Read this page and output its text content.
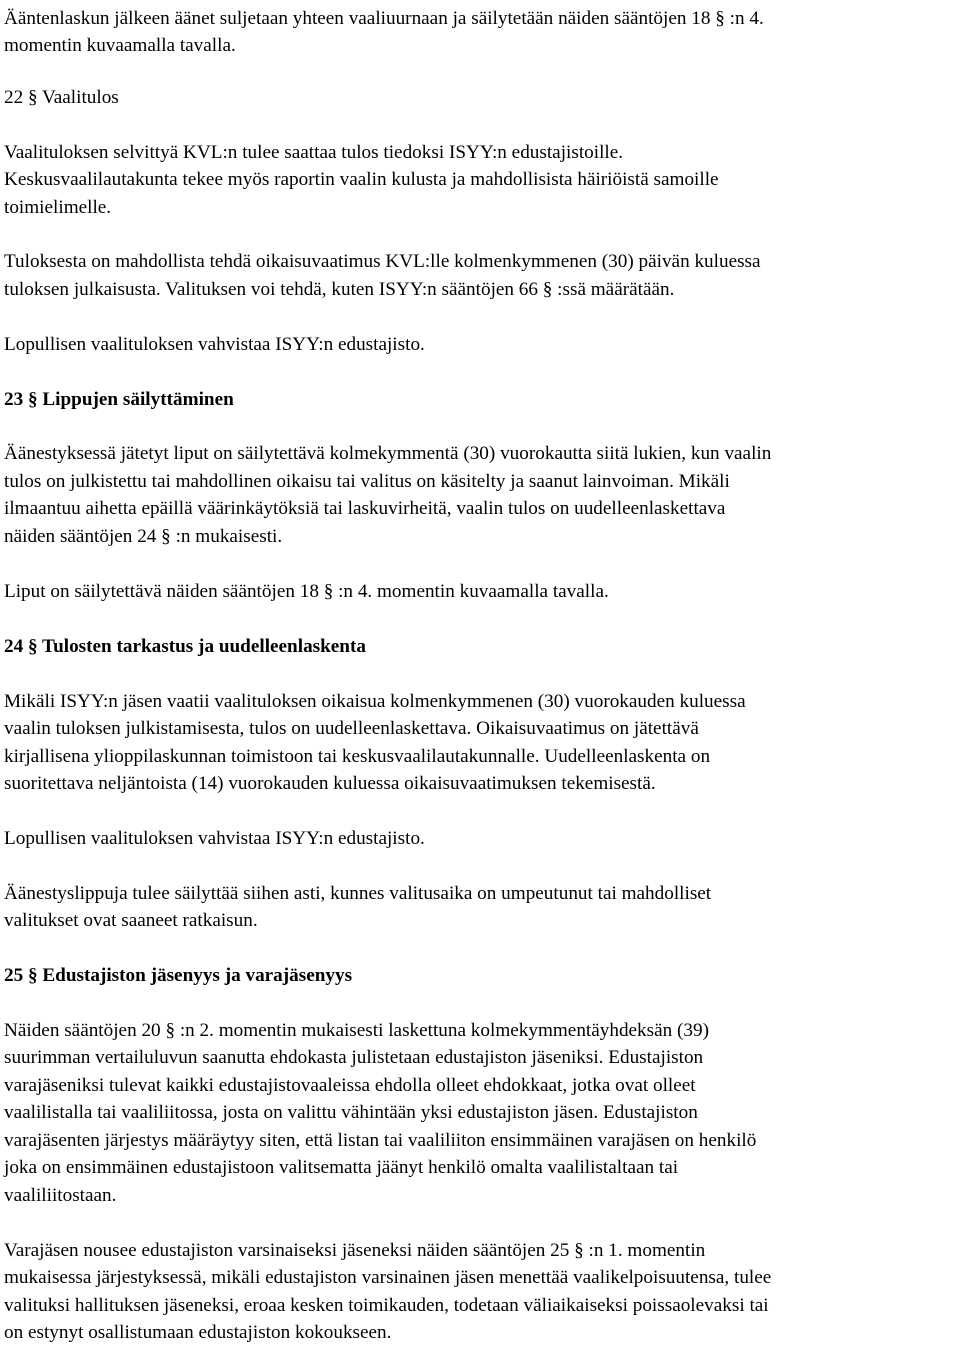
Ääntenlaskun jälkeen äänet suljetaan yhteen vaaliuurnaan ja säilytetään näiden sääntöjen 18 § :n 4.
momentin kuvaamalla tavalla.
22 § Vaalitulos
Vaalituloksen selvittyä KVL:n tulee saattaa tulos tiedoksi ISYY:n edustajistoille.
Keskusvaalilautakunta tekee myös raportin vaalin kulusta ja mahdollisista häiriöistä samoille
toimielimelle.
Tuloksesta on mahdollista tehdä oikaisuvaatimus KVL:lle kolmenkymmenen (30) päivän kuluessa
tuloksen julkaisusta. Valituksen voi tehdä, kuten ISYY:n sääntöjen 66 § :ssä määrätään.
Lopullisen vaalituloksen vahvistaa ISYY:n edustajisto.
23 § Lippujen säilyttäminen
Äänestyksessä jätetyt liput on säilytettävä kolmekymmentä (30) vuorokautta siitä lukien, kun vaalin
tulos on julkistettu tai mahdollinen oikaisu tai valitus on käsitelty ja saanut lainvoiman. Mikäli
ilmaantuu aihetta epäillä väärinkäytöksiä tai laskuvirheitä, vaalin tulos on uudelleenlaskettava
näiden sääntöjen 24 § :n mukaisesti.
Liput on säilytettävä näiden sääntöjen 18 § :n 4. momentin kuvaamalla tavalla.
24 § Tulosten tarkastus ja uudelleenlaskenta
Mikäli ISYY:n jäsen vaatii vaalituloksen oikaisua kolmenkymmenen (30) vuorokauden kuluessa
vaalin tuloksen julkistamisesta, tulos on uudelleenlaskettava. Oikaisuvaatimus on jätettävä
kirjallisena ylioppilaskunnan toimistoon tai keskusvaalilautakunnalle. Uudelleenlaskenta on
suoritettava neljäntoista (14) vuorokauden kuluessa oikaisuvaatimuksen tekemisestä.
Lopullisen vaalituloksen vahvistaa ISYY:n edustajisto.
Äänestyslippuja tulee säilyttää siihen asti, kunnes valitusaika on umpeutunut tai mahdolliset
valitukset ovat saaneet ratkaisun.
25 § Edustajiston jäsenyys ja varajäsenyys
Näiden sääntöjen 20 § :n 2. momentin mukaisesti laskettuna kolmekymmentäyhdeksän (39)
suurimman vertailuluvun saanutta ehdokasta julistetaan edustajiston jäseniksi. Edustajiston
varajäseniksi tulevat kaikki edustajistovaaleissa ehdolla olleet ehdokkaat, jotka ovat olleet
vaalilistalla tai vaaliliitossa, josta on valittu vähintään yksi edustajiston jäsen. Edustajiston
varajäsenten järjestys määräytyy siten, että listan tai vaaliliiton ensimmäinen varajäsen on henkilö
joka on ensimmäinen edustajistoon valitsematta jäänyt henkilö omalta vaalilistaltaan tai
vaaliliitostaan.
Varajäsen nousee edustajiston varsinaiseksi jäseneksi näiden sääntöjen 25 § :n 1. momentin
mukaisessa järjestyksessä, mikäli edustajiston varsinainen jäsen menettää vaalikelpoisuutensa, tulee
valituksi hallituksen jäseneksi, eroaa kesken toimikauden, todetaan väliaikaiseksi poissaolevaksi tai
on estynyt osallistumaan edustajiston kokoukseen.
